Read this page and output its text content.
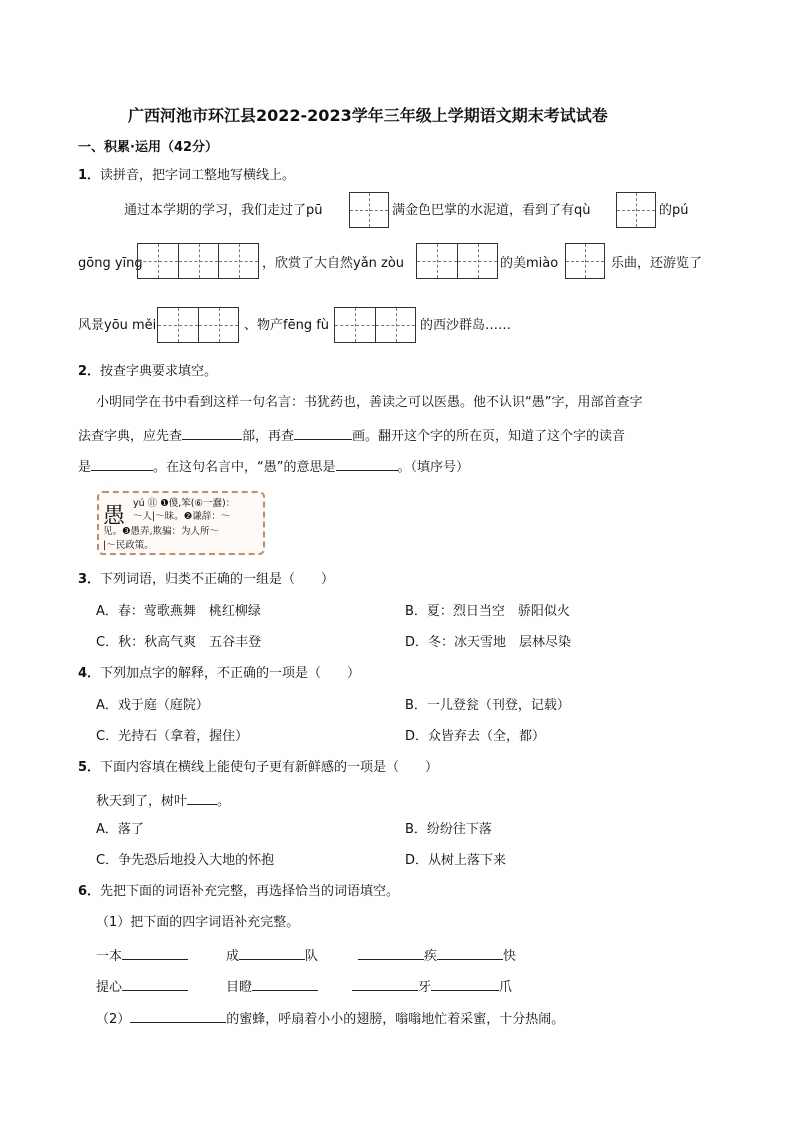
广西河池市环江县2022-2023学年三年级上学期语文期末考试试卷
一、积累·运用（42分）
1．读拼音，把字词工整地写横线上。
通过本学期的学习，我们走过了pū	满金色巴掌的水泥道，看到了有qù	的pú
gōng yīng	，欣赏了大自然yǎn zòu	的美miào	乐曲，还游览了
风景yōu měi	、物产fēng fù	的西沙群岛……
2．按查字典要求填空。
小明同学在书中看到这样一句名言：书犹药也，善读之可以医愚。他不认识“愚”字，用部首查字
法查字典，应先查	部，再查	画。翻开这个字的所在页，知道了这个字的读音
是	。在这句名言中，“愚”的意思是	。（填序号）
愚
yú ⑪ ❶傻,笨(⑥一蠢)：
～人|～昧。❷谦辞：～
见。❸愚弄,欺骗：为人所～
|～民政策。
3．下列词语，归类不正确的一组是（　　）
A．春：莺歌燕舞　桃红柳绿	B．夏：烈日当空　骄阳似火
C．秋：秋高气爽　五谷丰登	D．冬：冰天雪地　层林尽染
4．下列加点字的解释，不正确的一项是（　　）
A．戏于庭（庭院）	B．一儿登瓮（刊登，记载）
C．光持石（拿着，握住）	D．众皆弃去（全，都）
5．下面内容填在横线上能使句子更有新鲜感的一项是（　　）
秋天到了，树叶 。
A．落了	B．纷纷往下落
C．争先恐后地投入大地的怀抱	D．从树上落下来
6．先把下面的词语补充完整，再选择恰当的词语填空。
（1）把下面的四字词语补充完整。
一本	成	队	疾	快
提心	目瞪	牙	爪
（2）	的蜜蜂，呼扇着小小的翅膀，嗡嗡地忙着采蜜，十分热闹。
